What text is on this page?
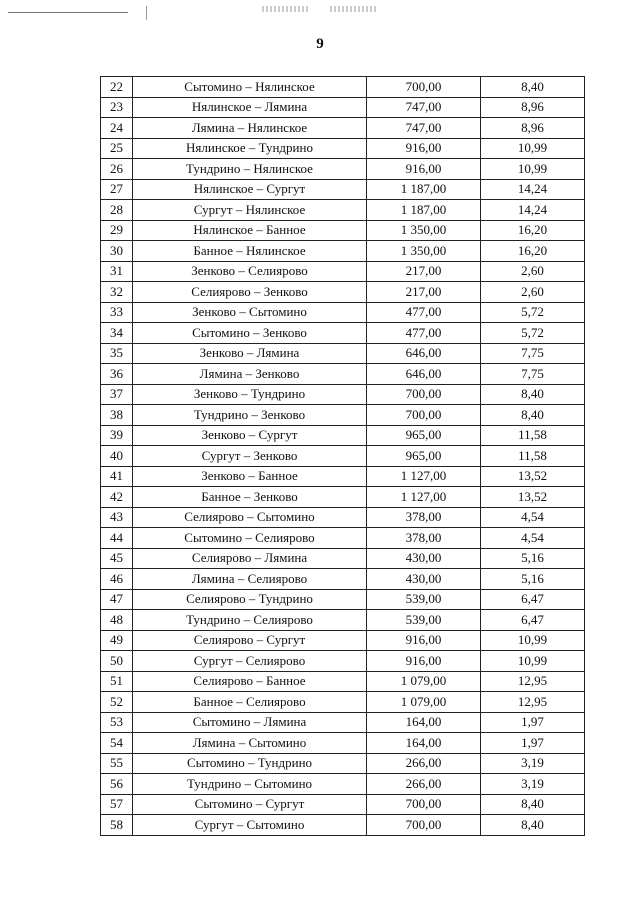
9
22	Сытомино – Нялинское	700,00	8,40
23	Нялинское – Лямина	747,00	8,96
24	Лямина – Нялинское	747,00	8,96
25	Нялинское – Тундрино	916,00	10,99
26	Тундрино – Нялинское	916,00	10,99
27	Нялинское – Сургут	1 187,00	14,24
28	Сургут – Нялинское	1 187,00	14,24
29	Нялинское – Банное	1 350,00	16,20
30	Банное – Нялинское	1 350,00	16,20
31	Зенково – Селиярово	217,00	2,60
32	Селиярово – Зенково	217,00	2,60
33	Зенково – Сытомино	477,00	5,72
34	Сытомино – Зенково	477,00	5,72
35	Зенково – Лямина	646,00	7,75
36	Лямина – Зенково	646,00	7,75
37	Зенково – Тундрино	700,00	8,40
38	Тундрино – Зенково	700,00	8,40
39	Зенково – Сургут	965,00	11,58
40	Сургут – Зенково	965,00	11,58
41	Зенково – Банное	1 127,00	13,52
42	Банное – Зенково	1 127,00	13,52
43	Селиярово – Сытомино	378,00	4,54
44	Сытомино – Селиярово	378,00	4,54
45	Селиярово – Лямина	430,00	5,16
46	Лямина – Селиярово	430,00	5,16
47	Селиярово – Тундрино	539,00	6,47
48	Тундрино – Селиярово	539,00	6,47
49	Селиярово – Сургут	916,00	10,99
50	Сургут – Селиярово	916,00	10,99
51	Селиярово – Банное	1 079,00	12,95
52	Банное – Селиярово	1 079,00	12,95
53	Сытомино – Лямина	164,00	1,97
54	Лямина – Сытомино	164,00	1,97
55	Сытомино – Тундрино	266,00	3,19
56	Тундрино – Сытомино	266,00	3,19
57	Сытомино – Сургут	700,00	8,40
58	Сургут – Сытомино	700,00	8,40
